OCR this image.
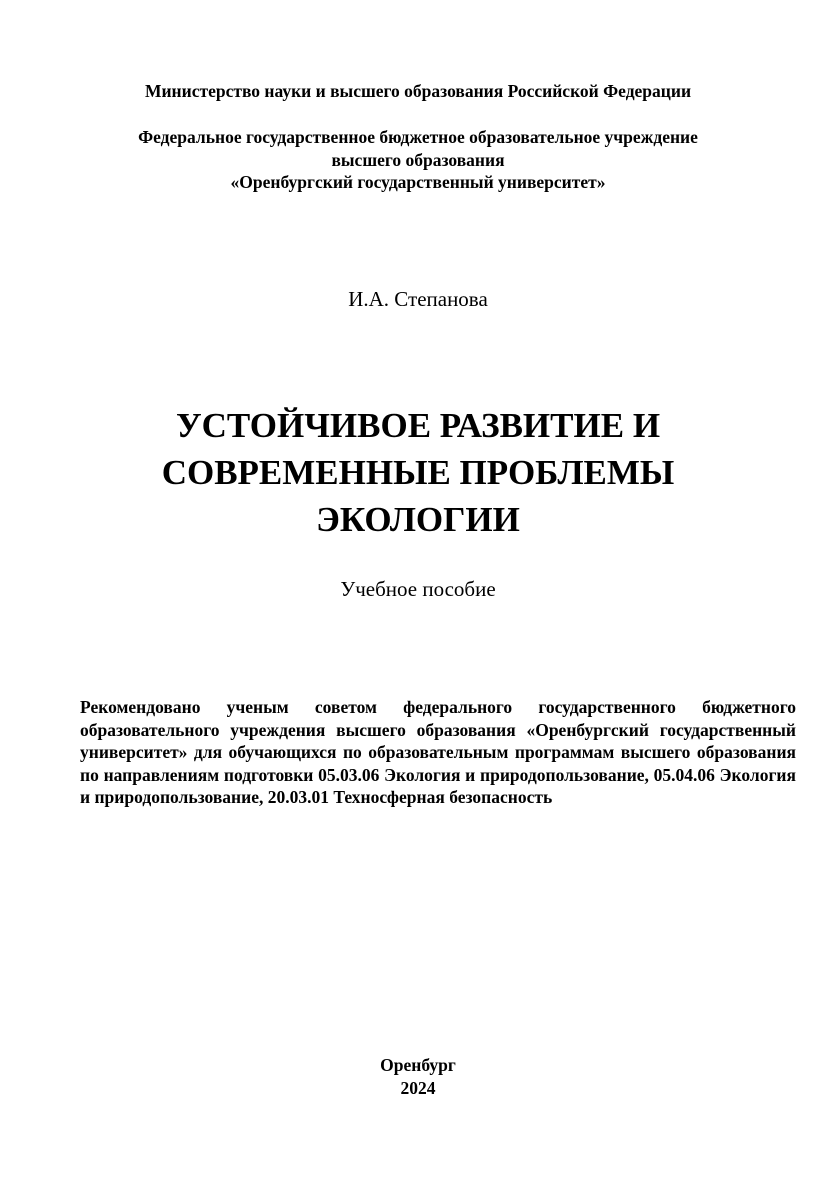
Министерство науки и высшего образования Российской Федерации
Федеральное государственное бюджетное образовательное учреждение
высшего образования
«Оренбургский государственный университет»
И.А. Степанова
УСТОЙЧИВОЕ РАЗВИТИЕ И
СОВРЕМЕННЫЕ ПРОБЛЕМЫ
ЭКОЛОГИИ
Учебное пособие
Рекомендовано ученым советом федерального государственного бюджетного образовательного учреждения высшего образования «Оренбургский государственный университет» для обучающихся по образовательным программам высшего образования по направлениям подготовки 05.03.06 Экология и природопользование, 05.04.06 Экология и природопользование, 20.03.01 Техносферная безопасность
Оренбург
2024
